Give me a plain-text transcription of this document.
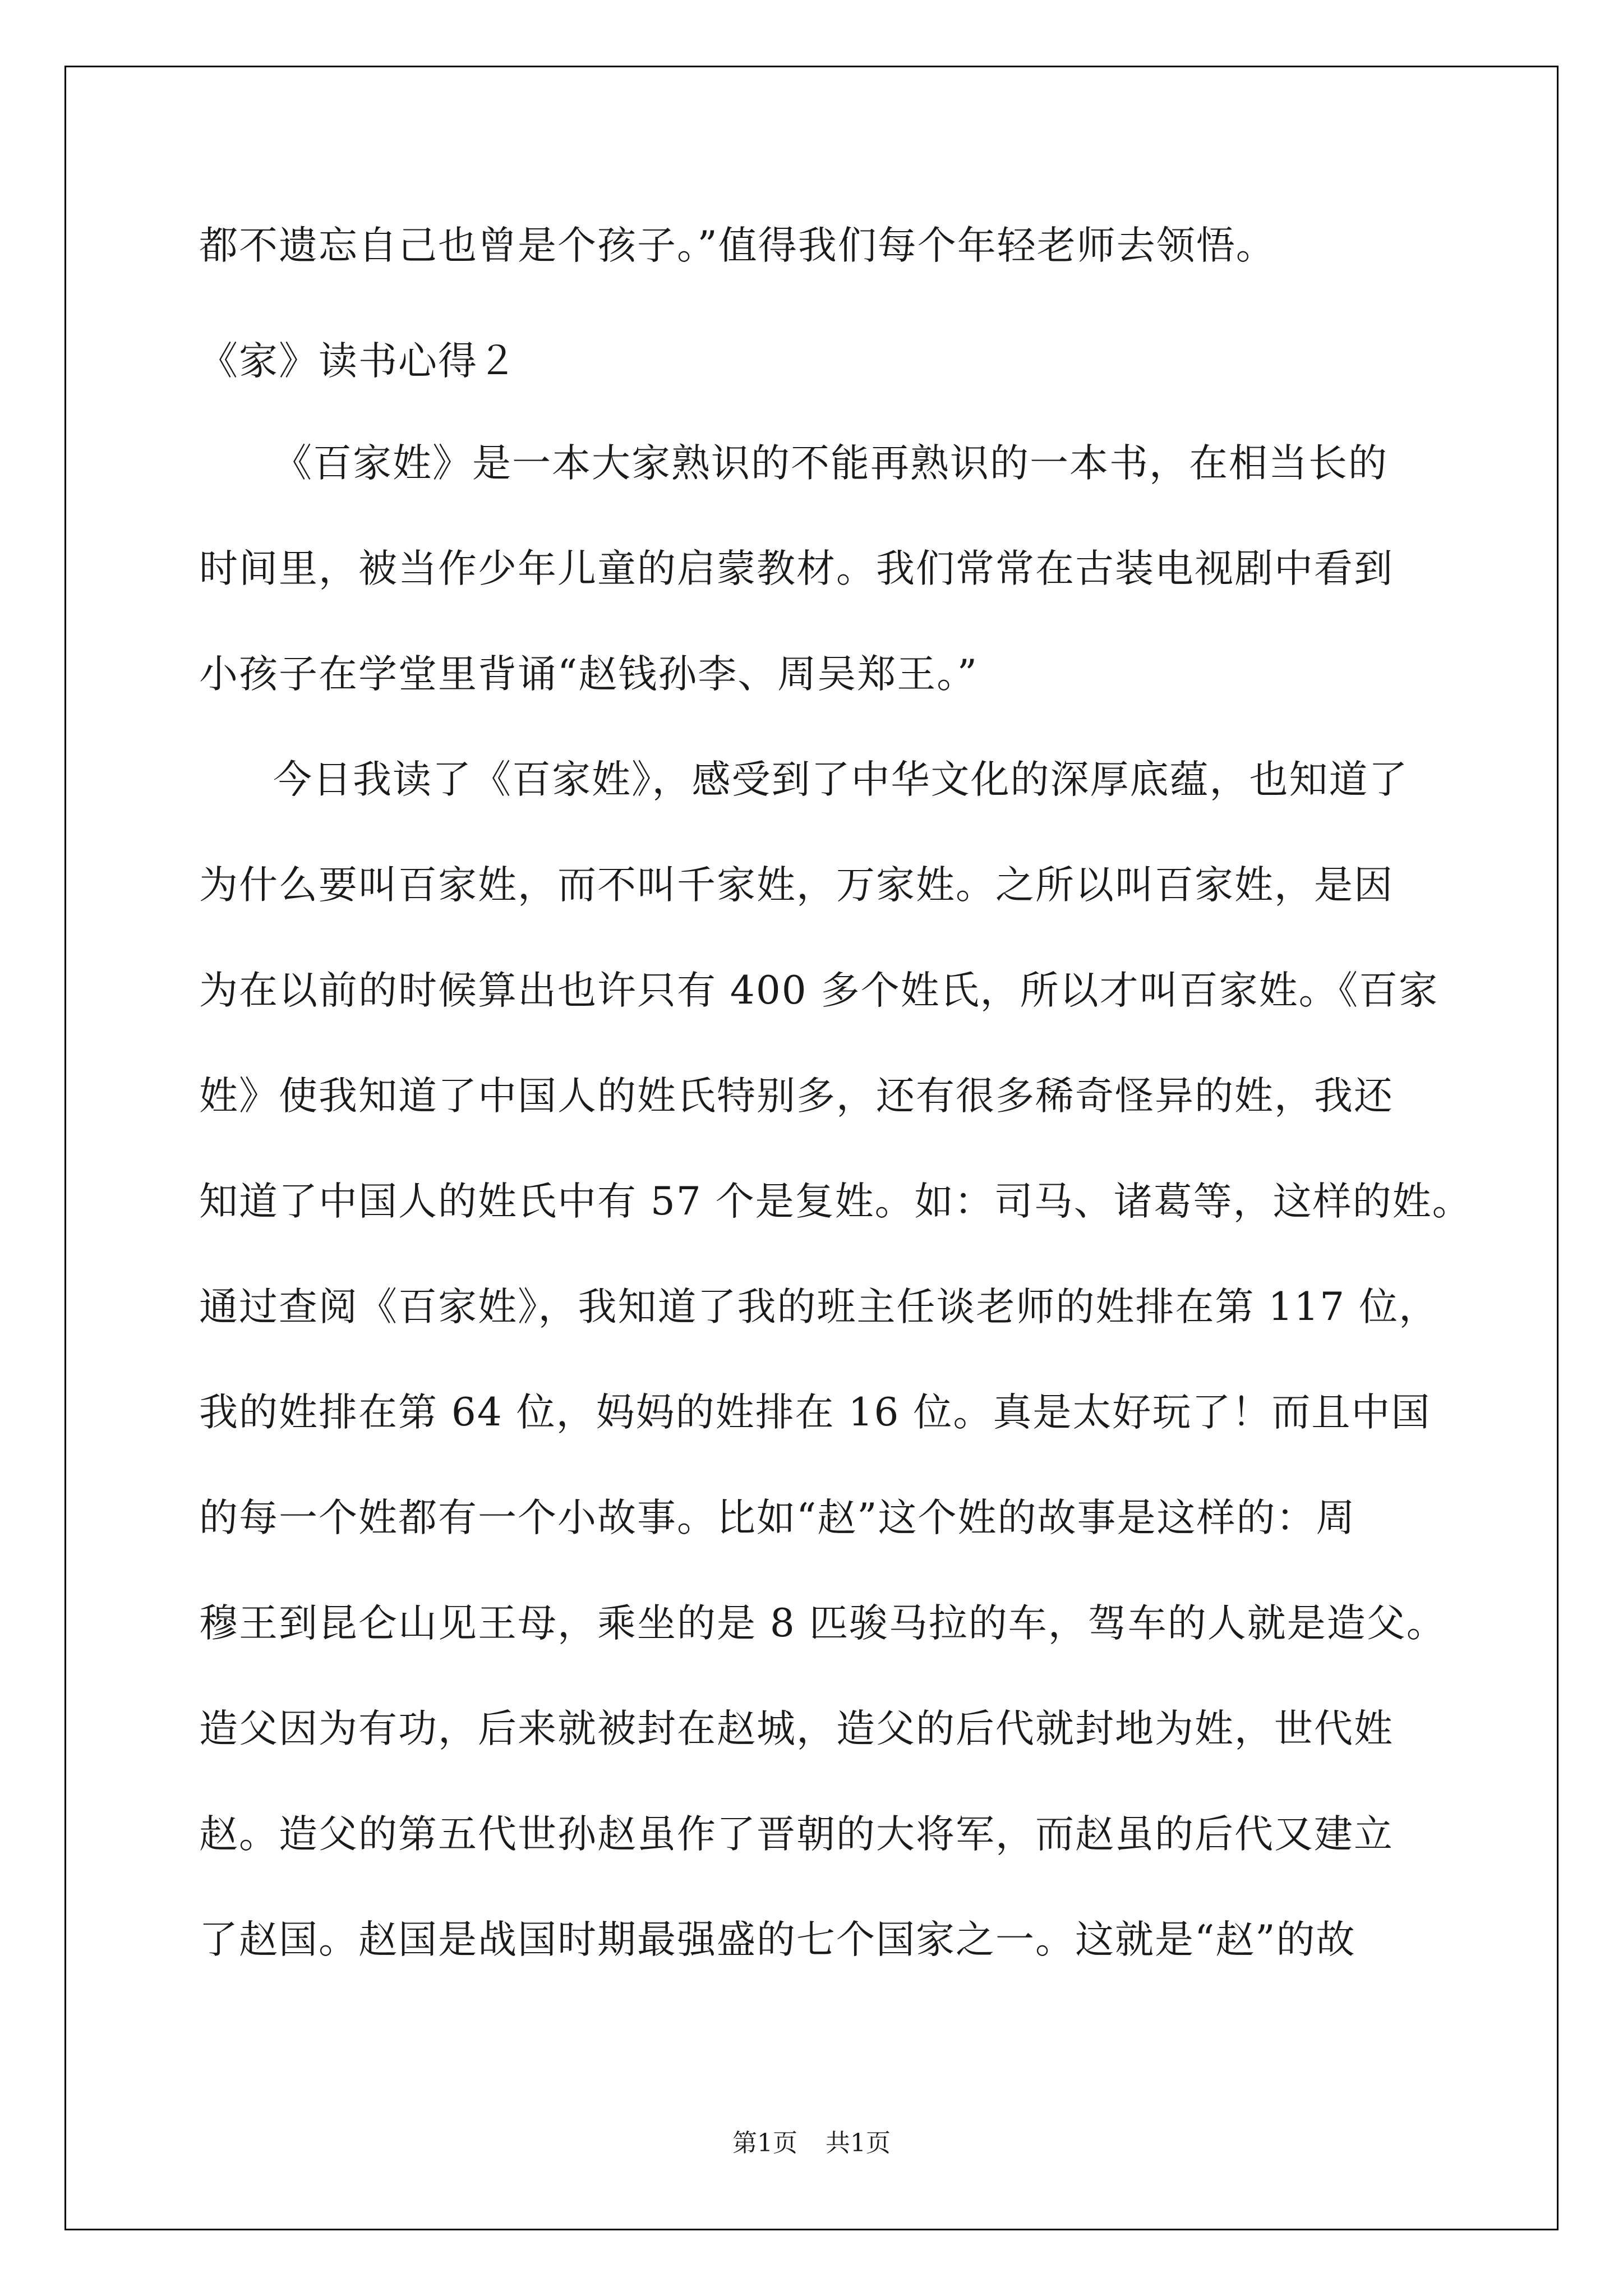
都不遗忘自己也曾是个孩子。”值得我们每个年轻老师去领悟。
《家》读书心得２
《百家姓》是一本大家熟识的不能再熟识的一本书，在相当长的
时间里，被当作少年儿童的启蒙教材。我们常常在古装电视剧中看到
小孩子在学堂里背诵“赵钱孙李、周吴郑王。”
今日我读了《百家姓》，感受到了中华文化的深厚底蕴，也知道了
为什么要叫百家姓，而不叫千家姓，万家姓。之所以叫百家姓，是因
为在以前的时候算出也许只有 400 多个姓氏，所以才叫百家姓。《百家
姓》使我知道了中国人的姓氏特别多，还有很多稀奇怪异的姓，我还
知道了中国人的姓氏中有 57 个是复姓。如：司马、诸葛等，这样的姓。
通过查阅《百家姓》，我知道了我的班主任谈老师的姓排在第 117 位，
我的姓排在第 64 位，妈妈的姓排在 16 位。真是太好玩了！而且中国
的每一个姓都有一个小故事。比如“赵”这个姓的故事是这样的：周
穆王到昆仑山见王母，乘坐的是 8 匹骏马拉的车，驾车的人就是造父。
造父因为有功，后来就被封在赵城，造父的后代就封地为姓，世代姓
赵。造父的第五代世孙赵虽作了晋朝的大将军，而赵虽的后代又建立
了赵国。赵国是战国时期最强盛的七个国家之一。这就是“赵”的故
第1页 共1页
